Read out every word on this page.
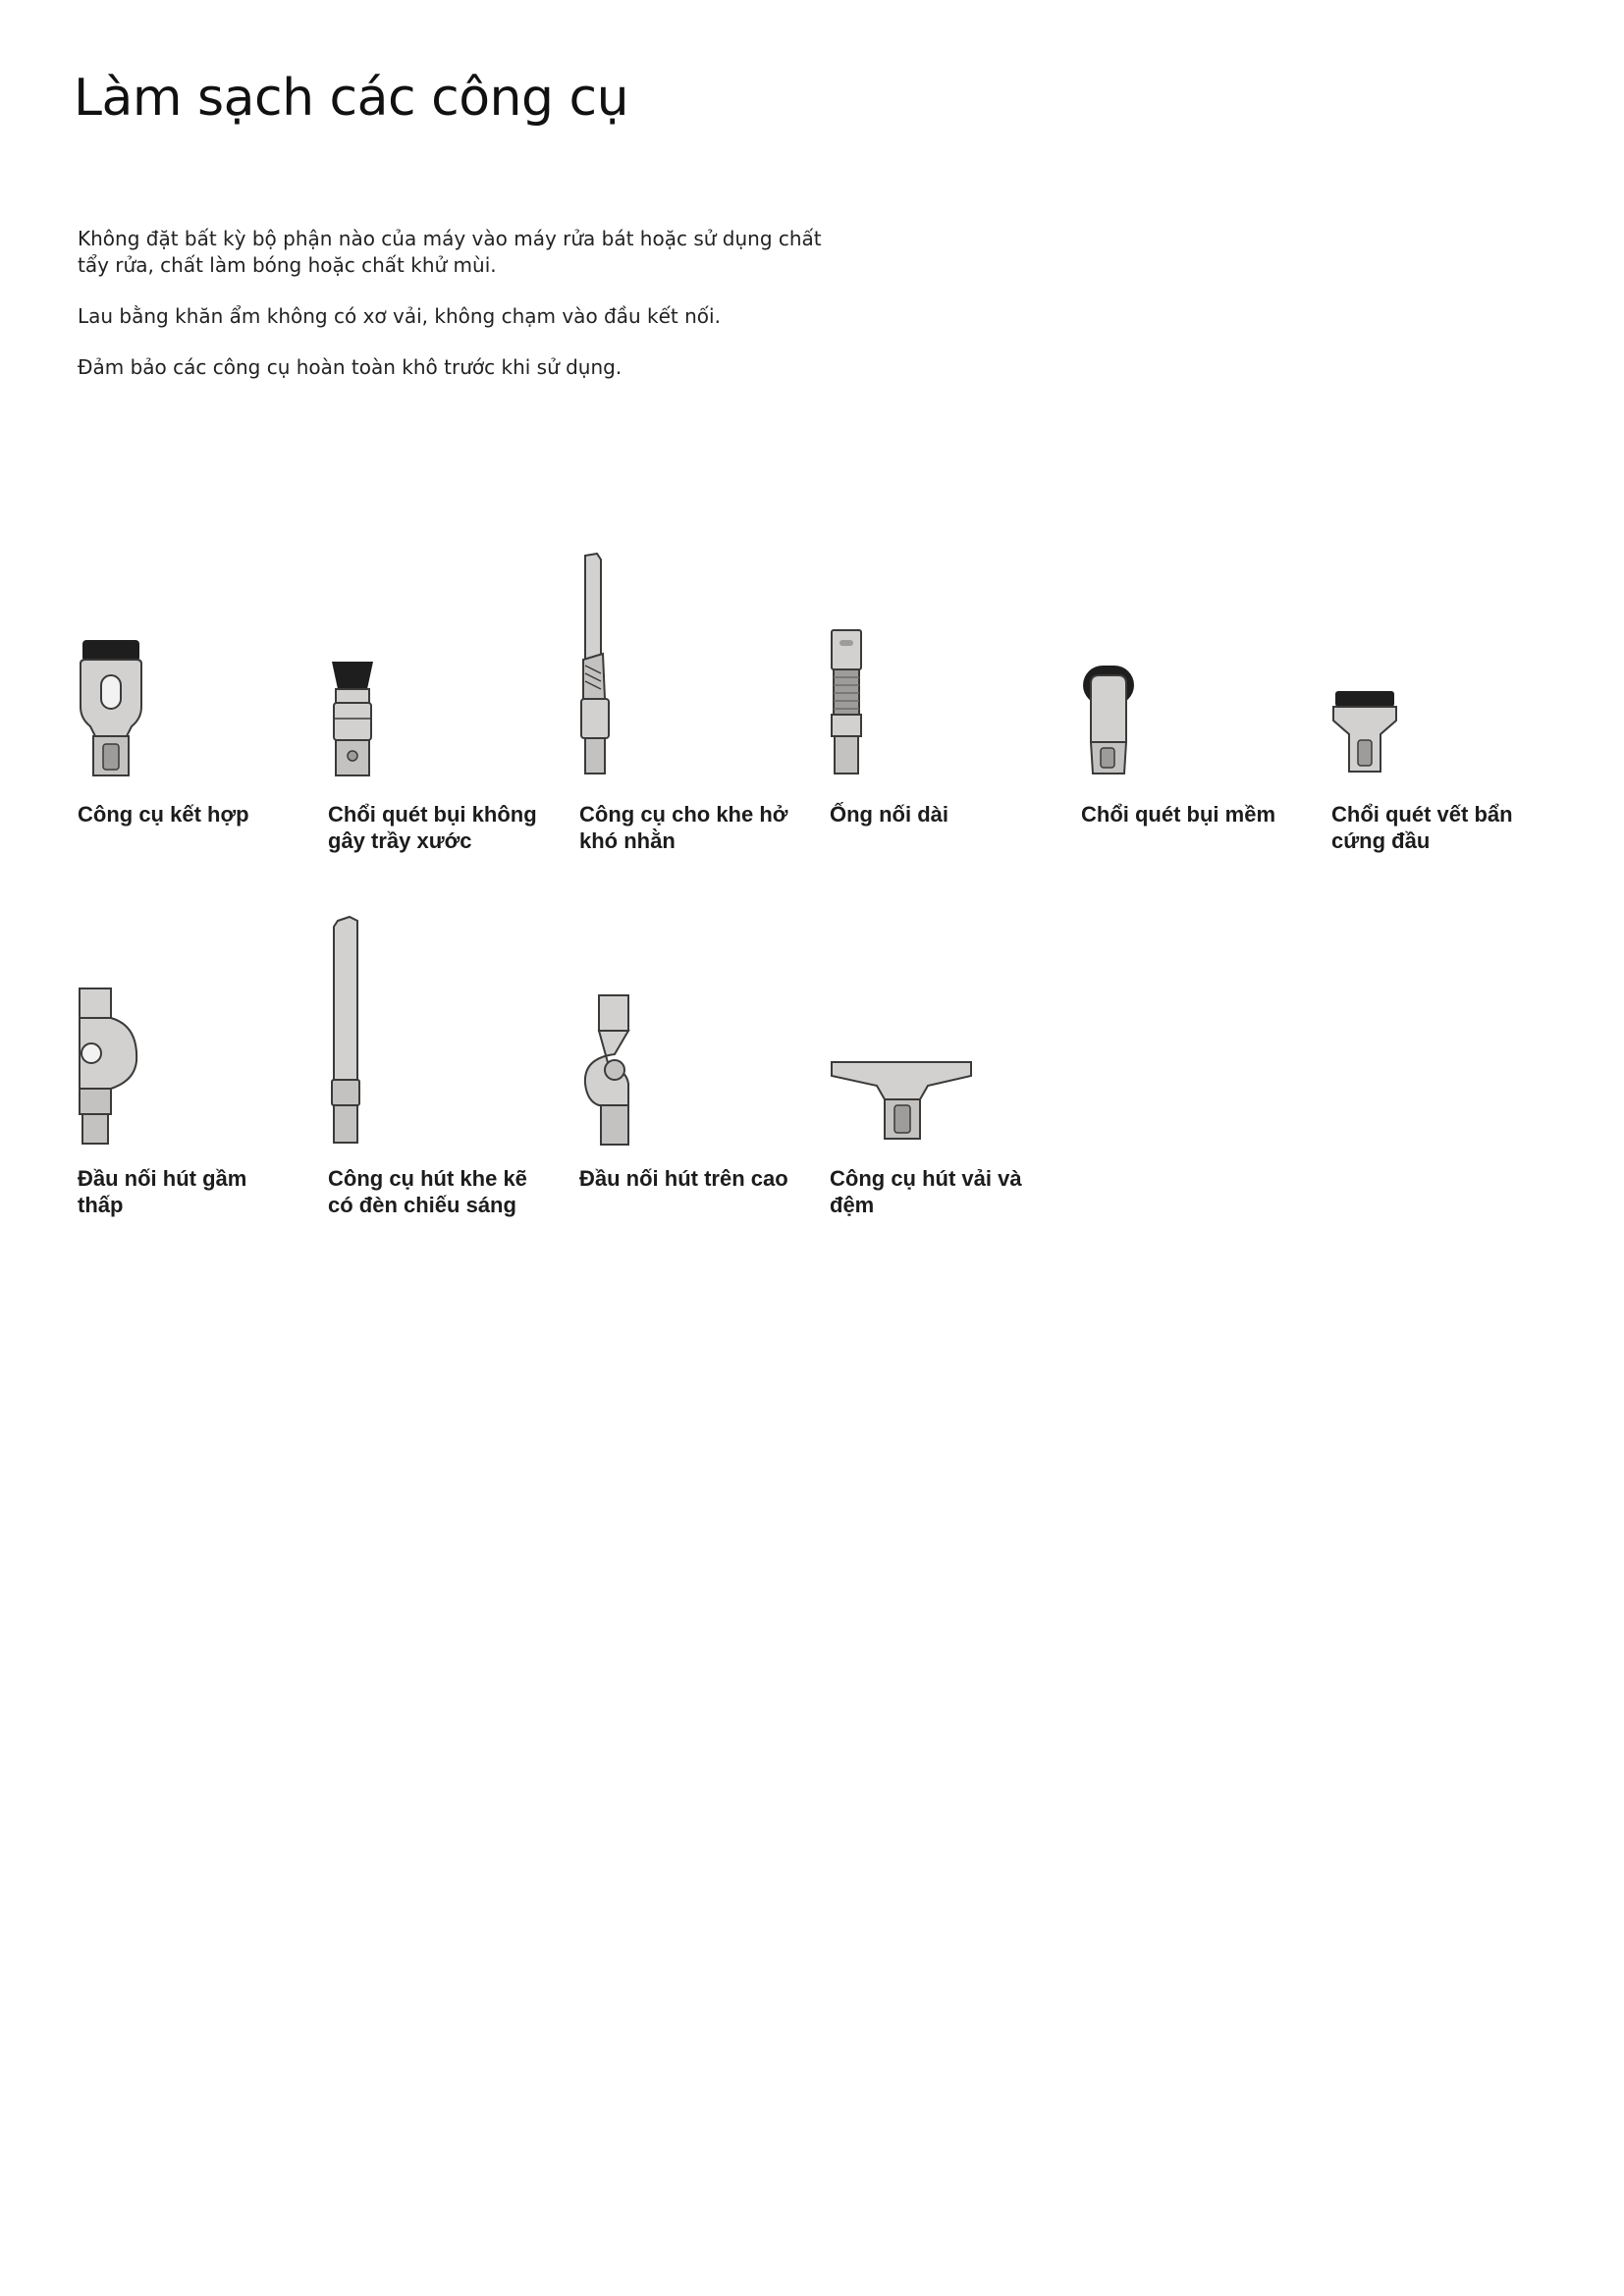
Làm sạch các công cụ

Không đặt bất kỳ bộ phận nào của máy vào máy rửa bát hoặc sử dụng chất tẩy rửa, chất làm bóng hoặc chất khử mùi.

Lau bằng khăn ẩm không có xơ vải, không chạm vào đầu kết nối.

Đảm bảo các công cụ hoàn toàn khô trước khi sử dụng.

Công cụ kết hợp	Chổi quét bụi không gây trầy xước
Công cụ cho khe hở khó nhằn
Ống nối dài	Chổi quét bụi mềm	Chổi quét vết bẩn cứng đầu
Đầu nối hút gầm thấp
Công cụ hút khe kẽ có đèn chiếu sáng
Đầu nối hút trên cao	Công cụ hút vải và đệm
